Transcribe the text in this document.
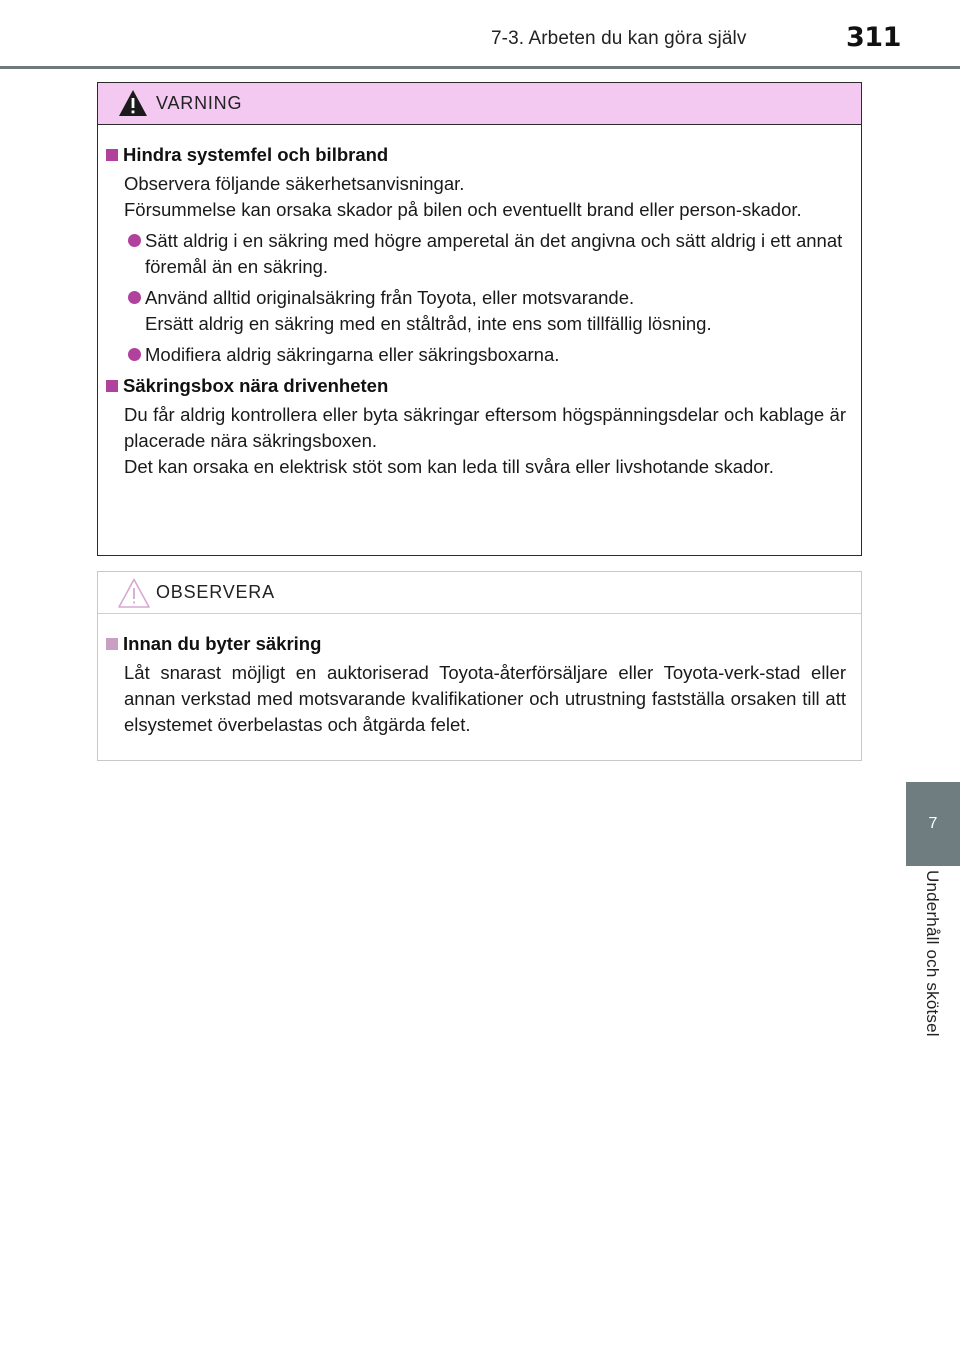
7-3. Arbeten du kan göra själv	311
7
Underhåll och skötsel
VARNING
Hindra systemfel och bilbrand
Observera följande säkerhetsanvisningar.
Försummelse kan orsaka skador på bilen och eventuellt brand eller person-skador.
Sätt aldrig i en säkring med högre amperetal än det angivna och sätt aldrig i ett annat föremål än en säkring.
Använd alltid originalsäkring från Toyota, eller motsvarande.
Ersätt aldrig en säkring med en ståltråd, inte ens som tillfällig lösning.
Modifiera aldrig säkringarna eller säkringsboxarna.
Säkringsbox nära drivenheten
Du får aldrig kontrollera eller byta säkringar eftersom högspänningsdelar och kablage är placerade nära säkringsboxen.
Det kan orsaka en elektrisk stöt som kan leda till svåra eller livshotande skador.
OBSERVERA
Innan du byter säkring
Låt snarast möjligt en auktoriserad Toyota-återförsäljare eller Toyota-verk-stad eller annan verkstad med motsvarande kvalifikationer och utrustning fastställa orsaken till att elsystemet överbelastas och åtgärda felet.
